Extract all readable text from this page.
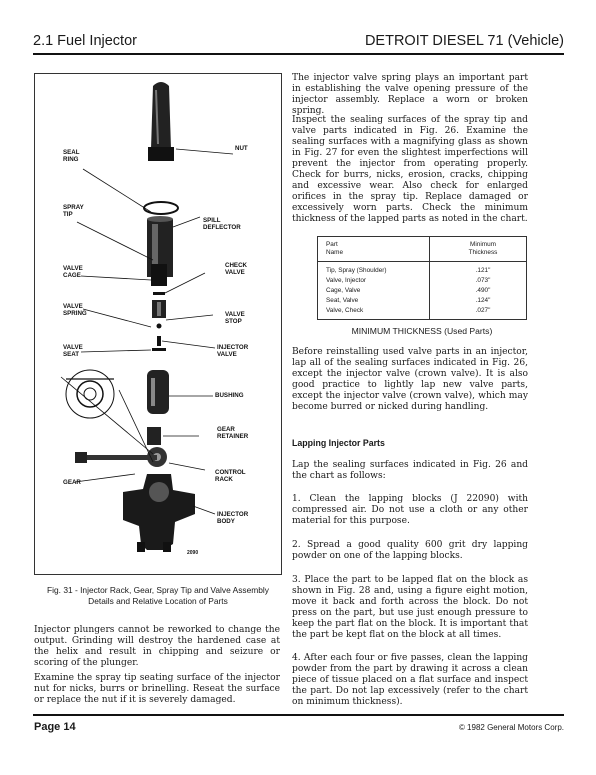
2.1 Fuel Injector	DETROIT DIESEL 71 (Vehicle)
SEAL
RING
NUT
SPRAY
TIP
SPILL
DEFLECTOR
VALVE
CAGE
CHECK
VALVE
VALVE
SPRING	VALVE
STOP
VALVE
SEAT
INJECTOR
VALVE
BUSHING
GEAR
RETAINER
GEAR
CONTROL
RACK
INJECTOR
BODY
2090
Fig. 31 - Injector Rack, Gear, Spray Tip and Valve Assembly Details and Relative Location of Parts
Injector plungers cannot be reworked to change the output. Grinding will destroy the hardened case at the helix and result in chipping and seizure or scoring of the plunger.
Examine the spray tip seating surface of the injector nut for nicks, burrs or brinelling. Reseat the surface or replace the nut if it is severely damaged.
The injector valve spring plays an important part in establishing the valve opening pressure of the injector assembly. Replace a worn or broken spring.
Inspect the sealing surfaces of the spray tip and valve parts indicated in Fig. 26. Examine the sealing surfaces with a magnifying glass as shown in Fig. 27 for even the slightest imperfections will prevent the injector from operating properly. Check for burrs, nicks, erosion, cracks, chipping and excessive wear. Also check for enlarged orifices in the spray tip. Replace damaged or excessively worn parts. Check the minimum thickness of the lapped parts as noted in the chart.
Part
Name
Minimum
Thickness
Tip, Spray (Shoulder)	.121"
Valve, Injector	.073"
Cage, Valve	.490"
Seat, Valve	.124"
Valve, Check	.027"
MINIMUM THICKNESS (Used Parts)
Before reinstalling used valve parts in an injector, lap all of the sealing surfaces indicated in Fig. 26, except the injector valve (crown valve). It is also good practice to lightly lap new valve parts, except the injector valve (crown valve), which may become burred or nicked during handling.
Lapping Injector Parts
Lap the sealing surfaces indicated in Fig. 26 and the chart as follows:
1. Clean the lapping blocks (J 22090) with compressed air. Do not use a cloth or any other material for this purpose.
2. Spread a good quality 600 grit dry lapping powder on one of the lapping blocks.
3. Place the part to be lapped flat on the block as shown in Fig. 28 and, using a figure eight motion, move it back and forth across the block. Do not press on the part, but use just enough pressure to keep the part flat on the block. It is important that the part be kept flat on the block at all times.
4. After each four or five passes, clean the lapping powder from the part by drawing it across a clean piece of tissue placed on a flat surface and inspect the part. Do not lap excessively (refer to the chart on minimum thickness).
Page 14	© 1982 General Motors Corp.
